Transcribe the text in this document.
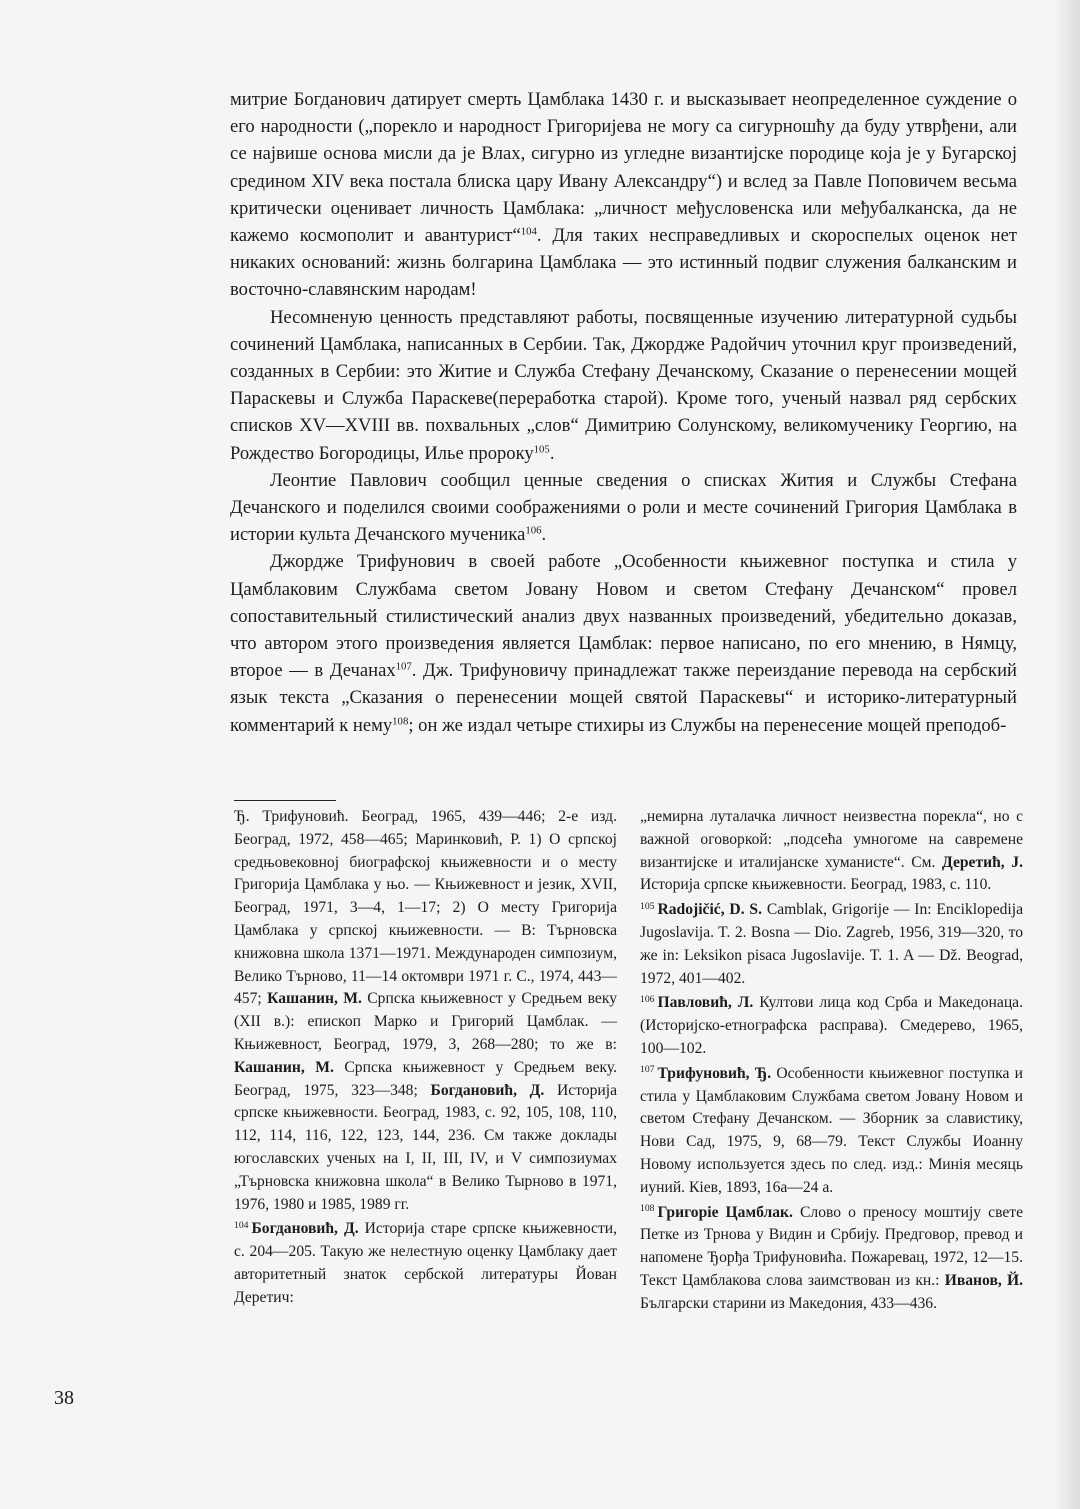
митрие Богданович датирует смерть Цамблака 1430 г. и высказывает неопределенное суждение о его народности („порекло и народност Григоријева не могу са сигурношћу да буду утврђени, али се највише основа мисли да је Влах, сигурно из угледне византијске породице која је у Бугарској средином XIV века постала блиска цару Ивану Александру“) и вслед за Павле Поповичем весьма критически оценивает личность Цамблака: „личност међусловенска или међубалканска, да не кажемо космополит и авантурист“$^{104}$. Для таких несправедливых и скороспелых оценок нет никаких оснований: жизнь болгарина Цамблака — это истинный подвиг служения балканским и восточно-славянским народам!

Несомненую ценность представляют работы, посвященные изучению литературной судьбы сочинений Цамблака, написанных в Сербии. Так, Джордже Радойчич уточнил круг произведений, созданных в Сербии: это Житие и Служба Стефану Дечанскому, Сказание о перенесении мощей Параскевы и Служба Параскеве(переработка старой). Кроме того, ученый назвал ряд сербских списков XV—XVIII вв. похвальных „слов“ Димитрию Солунскому, великомученику Георгию, на Рождество Богородицы, Илье пророку$^{105}$.

Леонтие Павлович сообщил ценные сведения о списках Жития и Службы Стефана Дечанского и поделился своими соображениями о роли и месте сочинений Григория Цамблака в истории культа Дечанского мученика$^{106}$.

Джордже Трифунович в своей работе „Особенности књижевног поступка и стила у Цамблаковим Службама светом Јовану Новом и светом Стефану Дечанском“ провел сопоставительный стилистический анализ двух названных произведений, убедительно доказав, что автором этого произведения является Цамблак: первое написано, по его мнению, в Нямцу, второе — в Дечанах$^{107}$. Дж. Трифуновичу принадлежат также переиздание перевода на сербский язык текста „Сказания о перенесении мощей святой Параскевы“ и историко-литературный комментарий к нему$^{108}$; он же издал четыре стихиры из Службы на перенесение мощей преподоб-

Ђ. Трифуновић. Београд, 1965, 439—446; 2-е изд. Београд, 1972, 458—465; Маринковић, Р. 1) О српској средњовековној биографској књижевности и о месту Григорија Цамблака у њо. — Књижевност и језик, XVII, Београд, 1971, 3—4, 1—17; 2) О месту Григорија Цамблака у српској књижевности. — В: Търновска книжовна школа 1371—1971. Международен симпозиум, Велико Търново, 11—14 октомври 1971 г. С., 1974, 443—457; Кашанин, М. Српска књижевност у Средњем веку (XII в.): епископ Марко и Григорий Цамблак. — Књижевност, Београд, 1979, 3, 268—280; то же в: Кашанин, М. Српска књижевност у Средњем веку. Београд, 1975, 323—348; Богдановић, Д. Историја српске књижевности. Београд, 1983, с. 92, 105, 108, 110, 112, 114, 116, 122, 123, 144, 236. См также доклады югославских ученых на I, II, III, IV, и V симпозиумах „Търновска книжовна школа“ в Велико Тырново в 1971, 1976, 1980 и 1985, 1989 гг.

$^{104}$ Богдановић, Д. Историја старе српске књижевности, с. 204—205. Такую же нелестную оценку Цамблаку дает авторитетный знаток сербской литературы Йован Деретич:

„немирна луталачка личност неизвестна порекла“, но с важной оговоркой: „подсећа умногоме на савремене византијске и италијанске хуманисте“. См. Деретић, Ј. Историја српске књижевности. Београд, 1983, с. 110.

$^{105}$ Radojičić, D. S. Camblak, Grigorije — In: Enciklopedija Jugoslavija. T. 2. Bosna — Dio. Zagreb, 1956, 319—320, то же in: Leksikon pisaca Jugoslavije. T. 1. A — Dž. Beograd, 1972, 401—402.

$^{106}$ Павловић, Л. Култови лица код Срба и Македонаца. (Историјско-етнографска расправа). Смедерево, 1965, 100—102.

$^{107}$ Трифуновић, Ђ. Особенности књижевног поступка и стила у Цамблаковим Службама светом Јовану Новом и светом Стефану Дечанском. — Зборник за славистику, Нови Сад, 1975, 9, 68—79. Текст Службы Иоанну Новому используется здесь по след. изд.: Минія месяць иуний. Кіев, 1893, 16а—24 а.

$^{108}$ Григоріе Цамблак. Слово о преносу моштију свете Петке из Трнова у Видин и Србију. Предговор, превод и напомене Ђорђа Трифуновића. Пожаревац, 1972, 12—15. Текст Цамблакова слова заимствован из кн.: Иванов, Й. Български старини из Македония, 433—436.

38
